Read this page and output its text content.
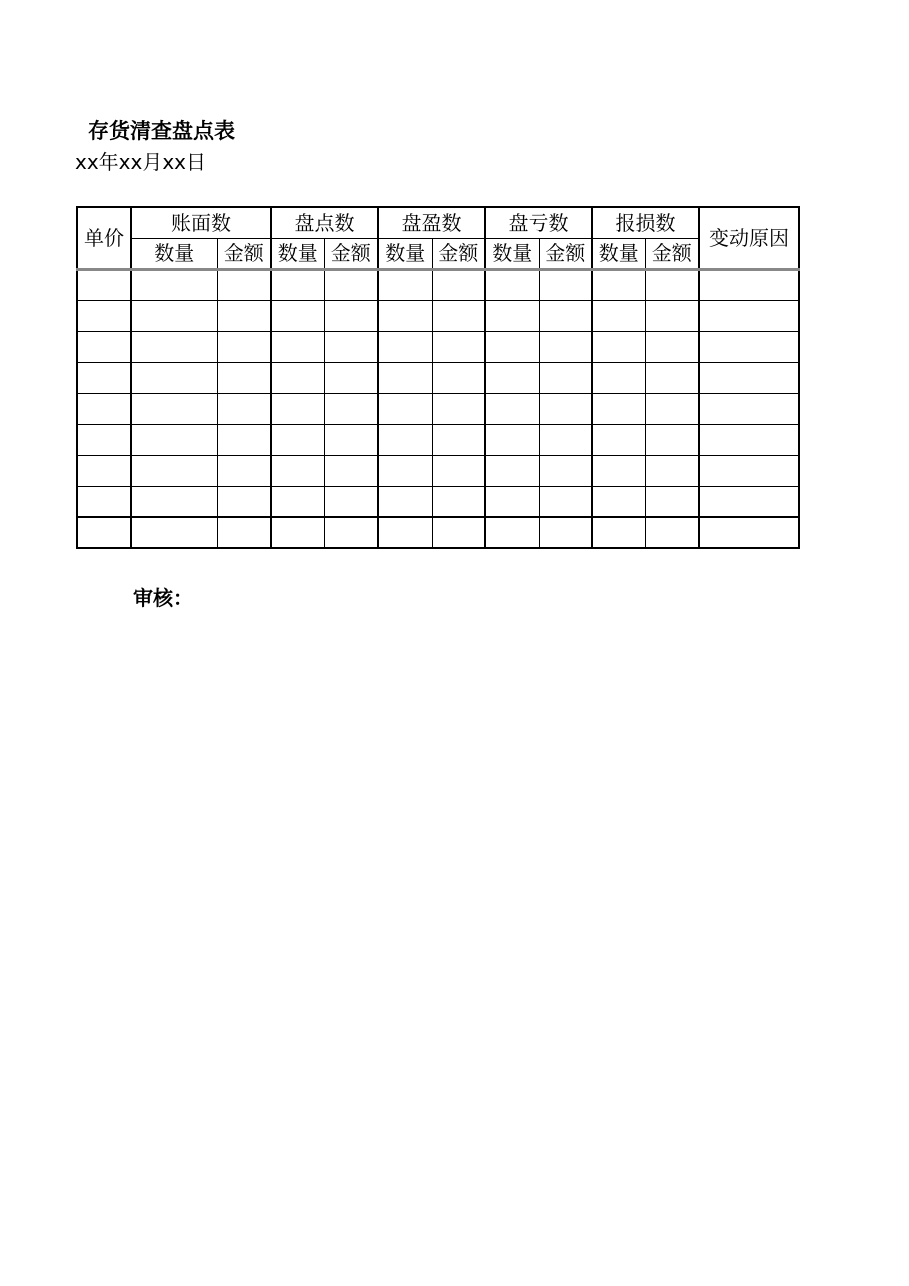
存货清查盘点表
xx年xx月xx日
单价	账面数		盘点数		盘盈数		盘亏数		报损数		变动原因
	数量	金额	数量	金额	数量	金额	数量	金额	数量	金额	

审核：
